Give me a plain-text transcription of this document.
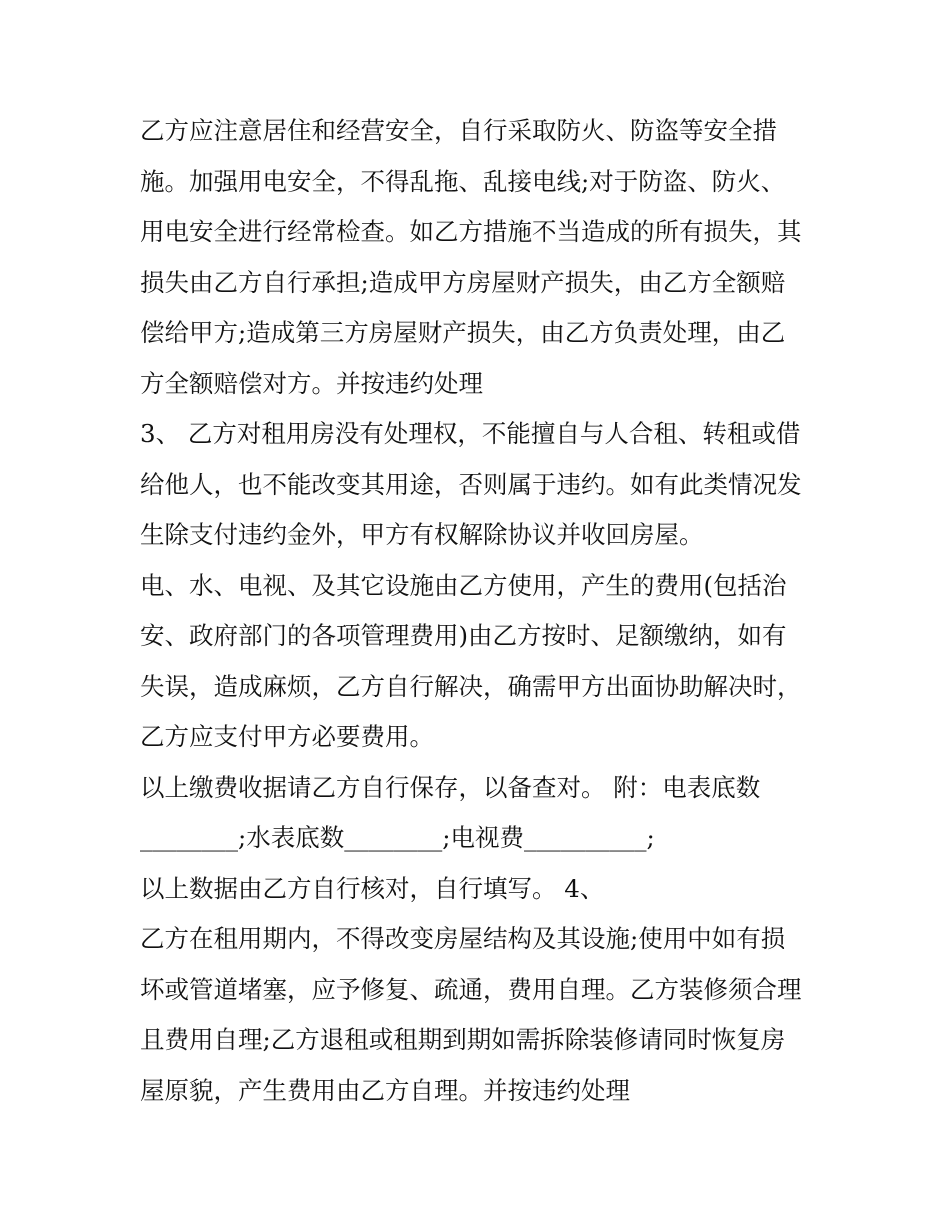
乙方应注意居住和经营安全，自行采取防火、防盗等安全措
施。加强用电安全，不得乱拖、乱接电线;对于防盗、防火、
用电安全进行经常检查。如乙方措施不当造成的所有损失，其
损失由乙方自行承担;造成甲方房屋财产损失，由乙方全额赔
偿给甲方;造成第三方房屋财产损失，由乙方负责处理，由乙
方全额赔偿对方。并按违约处理
3、 乙方对租用房没有处理权，不能擅自与人合租、转租或借
给他人，也不能改变其用途，否则属于违约。如有此类情况发
生除支付违约金外，甲方有权解除协议并收回房屋。
电、水、电视、及其它设施由乙方使用，产生的费用(包括治
安、政府部门的各项管理费用)由乙方按时、足额缴纳，如有
失误，造成麻烦，乙方自行解决，确需甲方出面协助解决时，
乙方应支付甲方必要费用。
以上缴费收据请乙方自行保存，以备查对。 附：电表底数
________;水表底数________;电视费__________;
以上数据由乙方自行核对，自行填写。 4、
乙方在租用期内，不得改变房屋结构及其设施;使用中如有损
坏或管道堵塞，应予修复、疏通，费用自理。乙方装修须合理
且费用自理;乙方退租或租期到期如需拆除装修请同时恢复房
屋原貌，产生费用由乙方自理。并按违约处理
